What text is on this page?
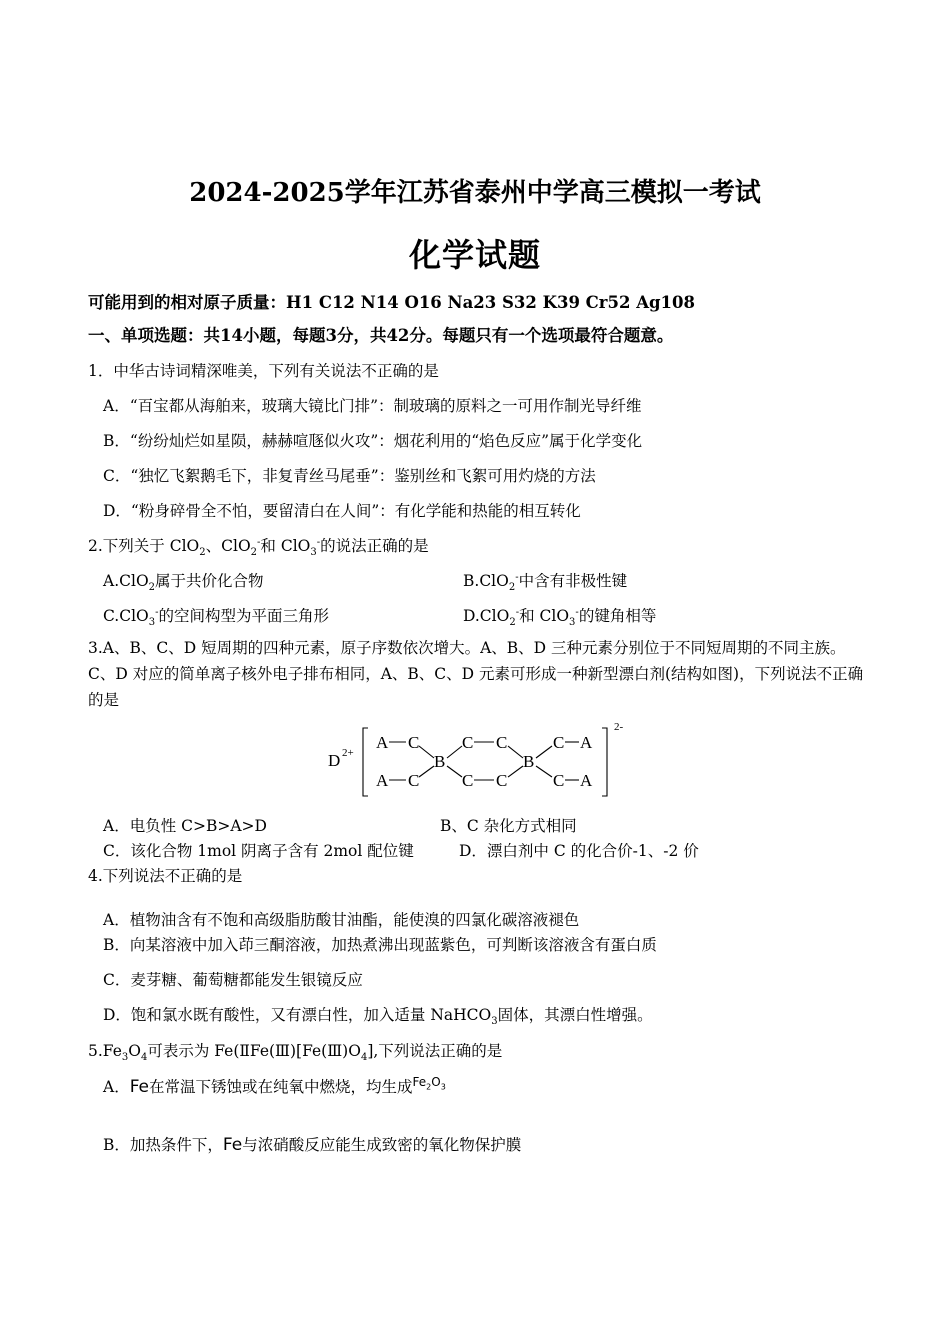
2024-2025学年江苏省泰州中学高三模拟一考试
化学试题
可能用到的相对原子质量：H1 C12 N14 O16 Na23 S32 K39 Cr52 Ag108
一、单项选题：共14小题，每题3分，共42分。每题只有一个选项最符合题意。
1．中华古诗词精深唯美，下列有关说法不正确的是
A．“百宝都从海舶来，玻璃大镜比门排”：制玻璃的原料之一可用作制光导纤维
B．“纷纷灿烂如星陨，赫赫喧豗似火攻”：烟花利用的“焰色反应”属于化学变化
C．“独忆飞絮鹅毛下，非复青丝马尾垂”：鉴别丝和飞絮可用灼烧的方法
D．“粉身碎骨全不怕，要留清白在人间”：有化学能和热能的相互转化
2.下列关于 ClO$_2$、ClO$_2$-和 ClO$_3$-的说法正确的是
A.ClO$_2$属于共价化合物	B.ClO$_2$-中含有非极性键
C.ClO$_3$-的空间构型为平面三角形	D.ClO$_2$-和 ClO$_3$-的键角相等
3.A、B、C、D 短周期的四种元素，原子序数依次增大。A、B、D 三种元素分别位于不同短周期的不同主族。C、D 对应的简单离子核外电子排布相同，A、B、C、D 元素可形成一种新型漂白剂(结构如图)，下列说法不正确的是
D 2+
A C
A C
B
C C
C C
B
C A
C A
2-
A．电负性 C>B>A>D	B、C 杂化方式相同
C．该化合物 1mol 阴离子含有 2mol 配位键	D．漂白剂中 C 的化合价-1、-2 价
4.下列说法不正确的是
A．植物油含有不饱和高级脂肪酸甘油酯，能使溴的四氯化碳溶液褪色
B．向某溶液中加入茚三酮溶液，加热煮沸出现蓝紫色，可判断该溶液含有蛋白质
C．麦芽糖、葡萄糖都能发生银镜反应
D．饱和氯水既有酸性，又有漂白性，加入适量 NaHCO$_3$固体，其漂白性增强。
$5.Fe_3O_4$可表示为 $Fe(ⅡFe(Ⅲ)[Fe(Ⅲ)O_4]$,下列说法正确的是
A．Fe在常温下锈蚀或在纯氧中燃烧，均生成$^{Fe_2O_3}$
B．加热条件下，Fe与浓硝酸反应能生成致密的氧化物保护膜
